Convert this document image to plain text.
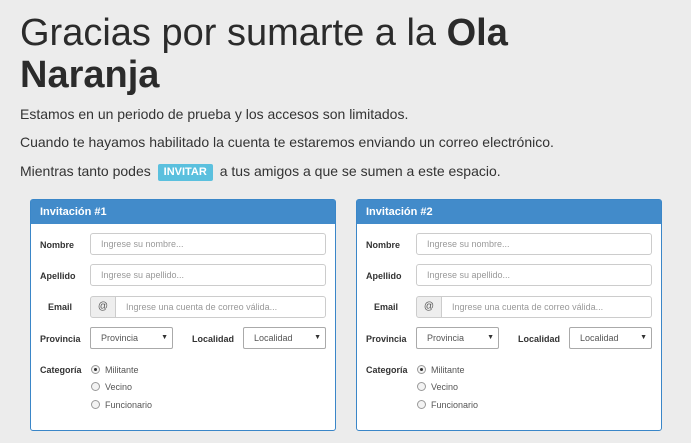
Gracias por sumarte a la Ola Naranja

Estamos en un periodo de prueba y los accesos son limitados.

Cuando te hayamos habilitado la cuenta te estaremos enviando un correo electrónico.

Mientras tanto podes INVITAR a tus amigos a que se sumen a este espacio.

Invitación #1
Nombre	Ingrese su nombre...
Apellido	Ingrese su apellido...
Email	@	Ingrese una cuenta de correo válida...
Provincia	Provincia	▼	Localidad	Localidad	▼
Categoría	Militante
Vecino
Funcionario
Invitación #2
Nombre	Ingrese su nombre...
Apellido	Ingrese su apellido...
Email	@	Ingrese una cuenta de correo válida...
Provincia	Provincia	▼	Localidad	Localidad	▼
Categoría	Militante
Vecino
Funcionario
